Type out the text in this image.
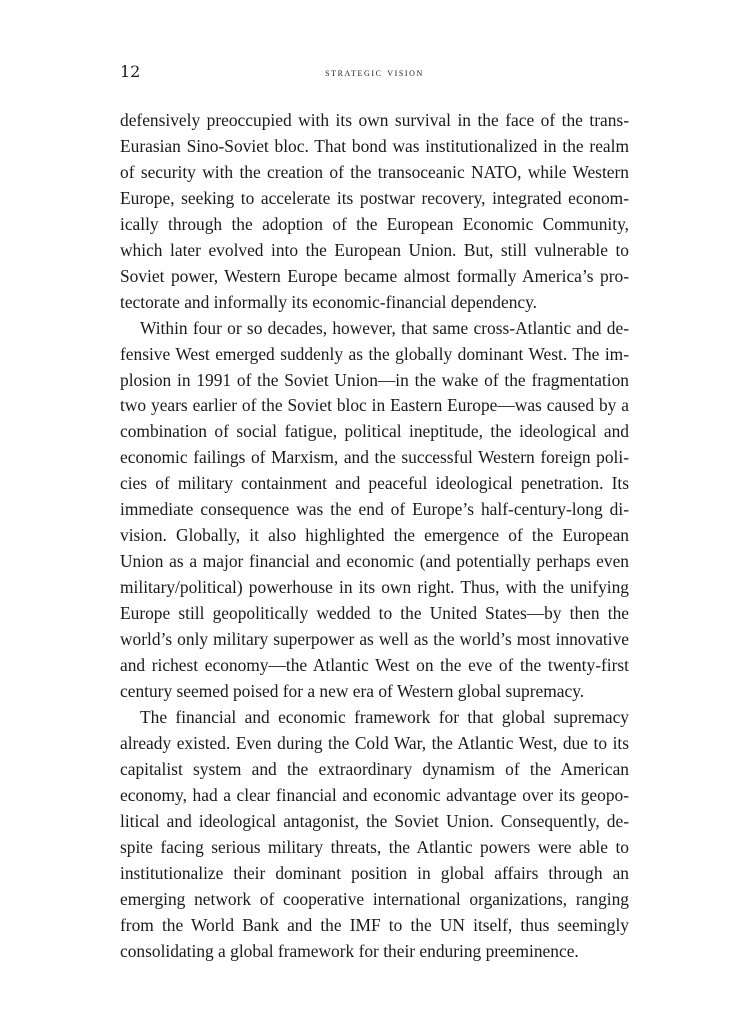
12	strategic vision

defensively preoccupied with its own survival in the face of the trans-Eurasian Sino-Soviet bloc. That bond was institutionalized in the realm of security with the creation of the transoceanic NATO, while Western Europe, seeking to accelerate its postwar recovery, integrated econom-ically through the adoption of the European Economic Community, which later evolved into the European Union. But, still vulnerable to Soviet power, Western Europe became almost formally America’s pro-tectorate and informally its economic-financial dependency.

Within four or so decades, however, that same cross-Atlantic and de-fensive West emerged suddenly as the globally dominant West. The im-plosion in 1991 of the Soviet Union—in the wake of the fragmentation two years earlier of the Soviet bloc in Eastern Europe—was caused by a combination of social fatigue, political ineptitude, the ideological and economic failings of Marxism, and the successful Western foreign poli-cies of military containment and peaceful ideological penetration. Its immediate consequence was the end of Europe’s half-century-long di-vision. Globally, it also highlighted the emergence of the European Union as a major financial and economic (and potentially perhaps even military/political) powerhouse in its own right. Thus, with the unifying Europe still geopolitically wedded to the United States—by then the world’s only military superpower as well as the world’s most innovative and richest economy—the Atlantic West on the eve of the twenty-first century seemed poised for a new era of Western global supremacy.

The financial and economic framework for that global supremacy already existed. Even during the Cold War, the Atlantic West, due to its capitalist system and the extraordinary dynamism of the American economy, had a clear financial and economic advantage over its geopo-litical and ideological antagonist, the Soviet Union. Consequently, de-spite facing serious military threats, the Atlantic powers were able to institutionalize their dominant position in global affairs through an emerging network of cooperative international organizations, ranging from the World Bank and the IMF to the UN itself, thus seemingly consolidating a global framework for their enduring preeminence.
